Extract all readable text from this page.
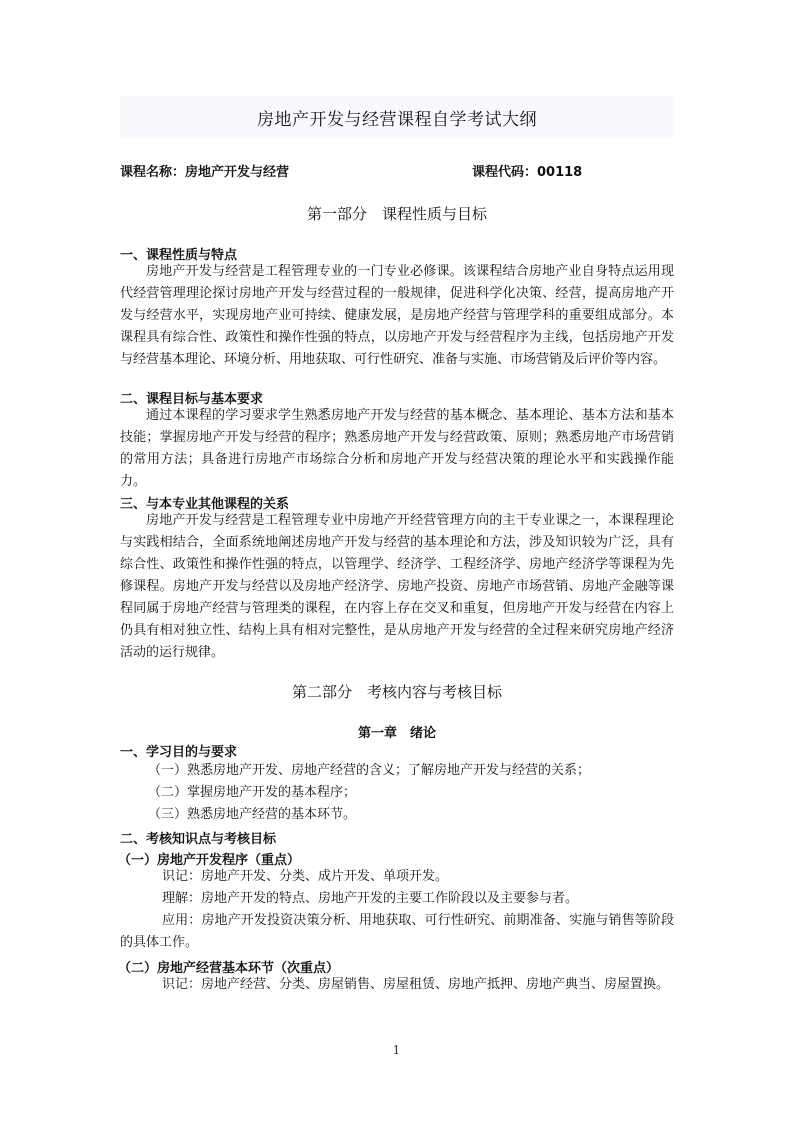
房地产开发与经营课程自学考试大纲
课程名称：房地产开发与经营	课程代码：00118
第一部分　课程性质与目标
一、课程性质与特点
房地产开发与经营是工程管理专业的一门专业必修课。该课程结合房地产业自身特点运用现代经营管理理论探讨房地产开发与经营过程的一般规律，促进科学化决策、经营，提高房地产开发与经营水平，实现房地产业可持续、健康发展，是房地产经营与管理学科的重要组成部分。本课程具有综合性、政策性和操作性强的特点，以房地产开发与经营程序为主线，包括房地产开发与经营基本理论、环境分析、用地获取、可行性研究、准备与实施、市场营销及后评价等内容。
二、课程目标与基本要求
通过本课程的学习要求学生熟悉房地产开发与经营的基本概念、基本理论、基本方法和基本技能；掌握房地产开发与经营的程序；熟悉房地产开发与经营政策、原则；熟悉房地产市场营销的常用方法；具备进行房地产市场综合分析和房地产开发与经营决策的理论水平和实践操作能力。
三、与本专业其他课程的关系
房地产开发与经营是工程管理专业中房地产开经营管理方向的主干专业课之一，本课程理论与实践相结合，全面系统地阐述房地产开发与经营的基本理论和方法，涉及知识较为广泛，具有综合性、政策性和操作性强的特点，以管理学、经济学、工程经济学、房地产经济学等课程为先修课程。房地产开发与经营以及房地产经济学、房地产投资、房地产市场营销、房地产金融等课程同属于房地产经营与管理类的课程，在内容上存在交叉和重复，但房地产开发与经营在内容上仍具有相对独立性、结构上具有相对完整性，是从房地产开发与经营的全过程来研究房地产经济活动的运行规律。
第二部分　考核内容与考核目标
第一章　绪论
一、学习目的与要求
（一）熟悉房地产开发、房地产经营的含义；了解房地产开发与经营的关系；
（二）掌握房地产开发的基本程序；
（三）熟悉房地产经营的基本环节。
二、考核知识点与考核目标
（一）房地产开发程序（重点）
识记：房地产开发、分类、成片开发、单项开发。
理解：房地产开发的特点、房地产开发的主要工作阶段以及主要参与者。
应用：房地产开发投资决策分析、用地获取、可行性研究、前期准备、实施与销售等阶段的具体工作。
（二）房地产经营基本环节（次重点）
识记：房地产经营、分类、房屋销售、房屋租赁、房地产抵押、房地产典当、房屋置换。
1
